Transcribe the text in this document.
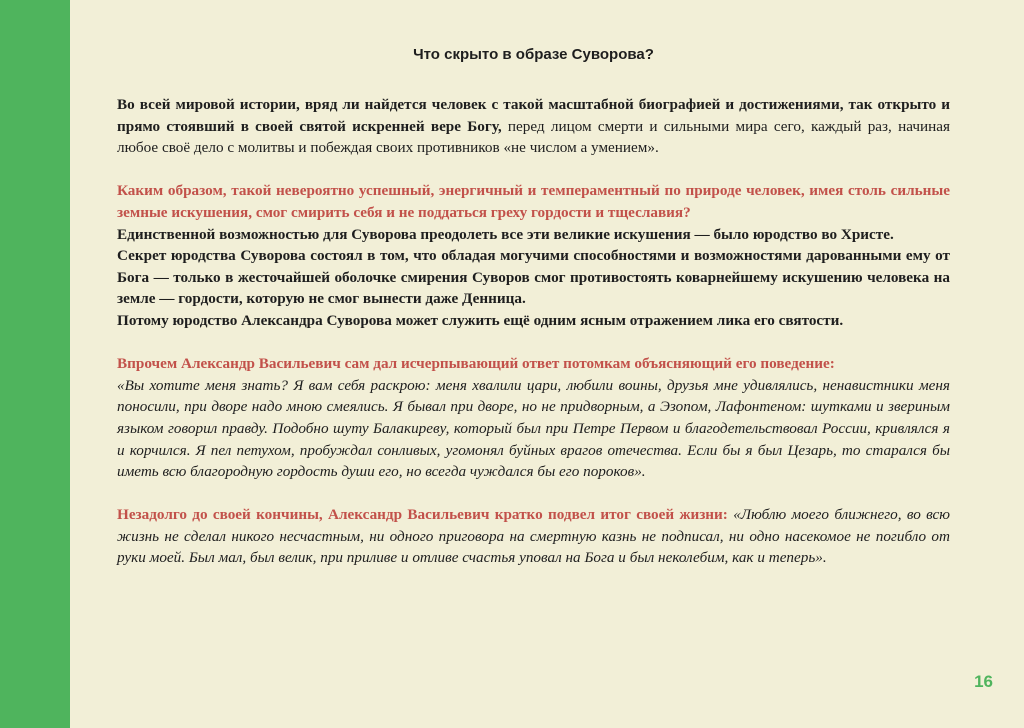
Что скрыто в образе Суворова?

Во всей мировой истории, вряд ли найдется человек с такой масштабной биографией и достижениями, так открыто и прямо стоявший в своей святой искренней вере Богу, перед лицом смерти и сильными мира сего, каждый раз, начиная любое своё дело с молитвы и побеждая своих противников «не числом а умением».

Каким образом, такой невероятно успешный, энергичный и темпераментный по природе человек, имея столь сильные земные искушения, смог смирить себя и не поддаться греху гордости и тщеславия?

Единственной возможностью для Суворова преодолеть все эти великие искушения — было юродство во Христе.

Секрет юродства Суворова состоял в том, что обладая могучими способностями и возможностями дарованными ему от Бога — только в жесточайшей оболочке смирения Суворов смог противостоять коварнейшему искушению человека на земле — гордости, которую не смог вынести даже Денница.

Потому юродство Александра Суворова может служить ещё одним ясным отражением лика его святости.

Впрочем Александр Васильевич сам дал исчерпывающий ответ потомкам объясняющий его поведение:

«Вы хотите меня знать? Я вам себя раскрою: меня хвалили цари, любили воины, друзья мне удивлялись, ненавистники меня поносили, при дворе надо мною смеялись. Я бывал при дворе, но не придворным, а Эзопом, Лафонтеном: шутками и звериным языком говорил правду. Подобно шуту Балакиреву, который был при Петре Первом и благодетельствовал России, кривлялся я и корчился. Я пел петухом, пробуждал сонливых, угомонял буйных врагов отечества. Если бы я был Цезарь, то старался бы иметь всю благородную гордость души его, но всегда чуждался бы его пороков».

Незадолго до своей кончины, Александр Васильевич кратко подвел итог своей жизни: «Люблю моего ближнего, во всю жизнь не сделал никого несчастным, ни одного приговора на смертную казнь не подписал, ни одно насекомое не погибло от руки моей. Был мал, был велик, при приливе и отливе счастья уповал на Бога и был неколебим, как и теперь».

16
